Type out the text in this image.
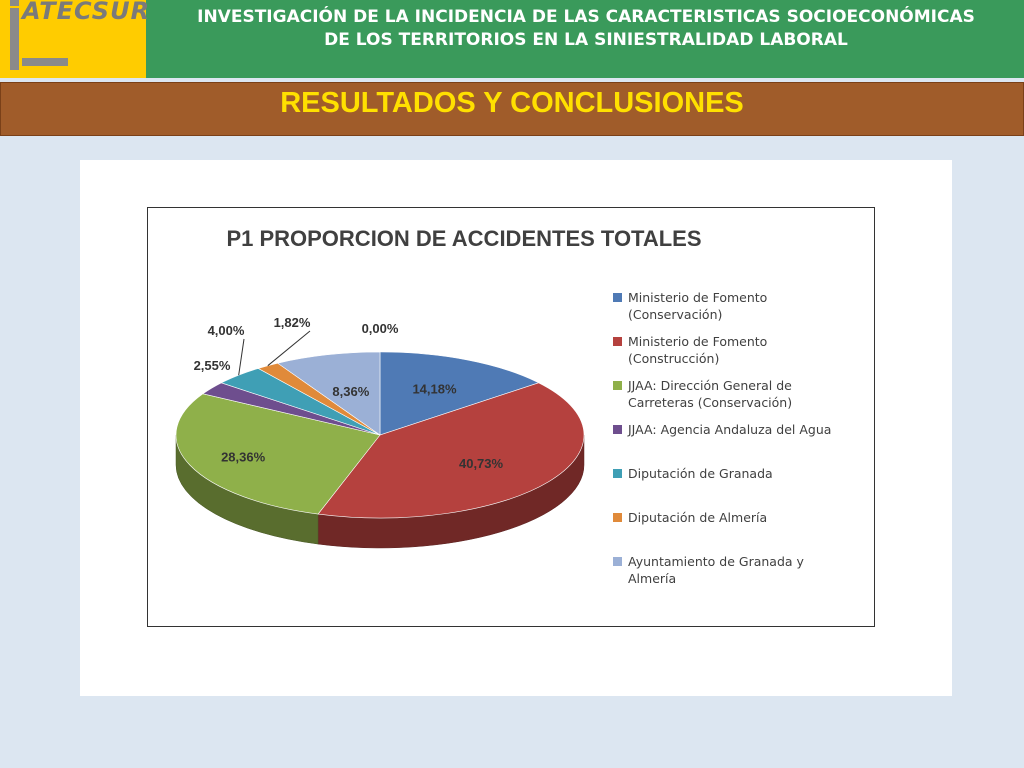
ATECSUR	INVESTIGACIÓN DE LA INCIDENCIA DE LAS CARACTERISTICAS SOCIOECONÓMICAS
DE LOS TERRITORIOS EN LA SINIESTRALIDAD LABORAL
RESULTADOS Y CONCLUSIONES
P1 PROPORCION DE ACCIDENTES TOTALES
14,18%
40,73%
28,36%
2,55%
4,00%
1,82%
8,36%
0,00%
Ministerio de Fomento
(Conservación)
Ministerio de Fomento
(Construcción)
JJAA: Dirección General de
Carreteras (Conservación)
JJAA: Agencia Andaluza del Agua
Diputación de Granada
Diputación de Almería
Ayuntamiento de Granada y
Almería
